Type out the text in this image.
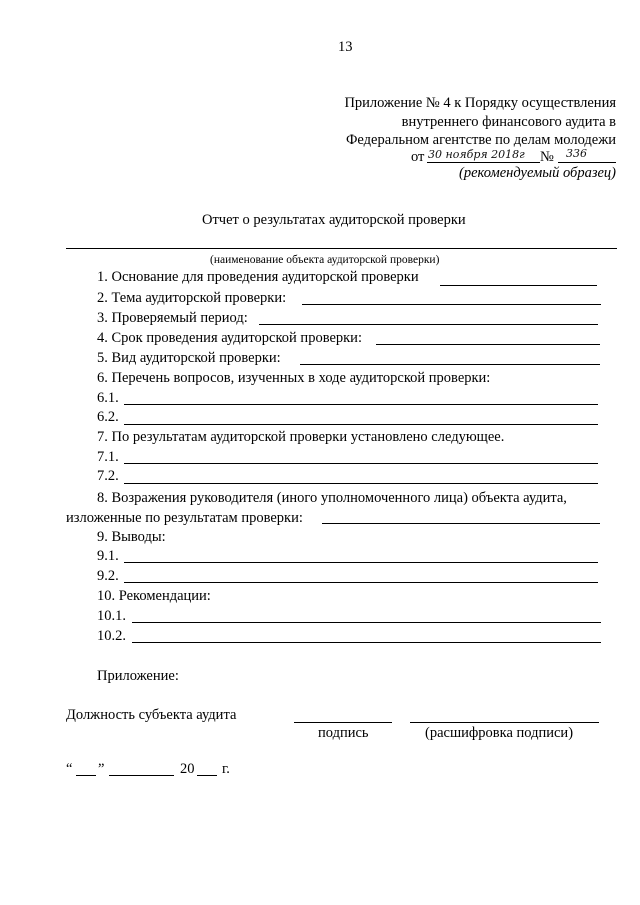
13
Приложение № 4 к Порядку осуществления
внутреннего финансового аудита в
Федеральном агентстве по делам молодежи
от 30 ноября 2018г № 336
(рекомендуемый образец)
Отчет о результатах аудиторской проверки
(наименование объекта аудиторской проверки)
1. Основание для проведения аудиторской проверки
2. Тема аудиторской проверки:
3. Проверяемый период:
4. Срок проведения аудиторской проверки:
5. Вид аудиторской проверки:
6. Перечень вопросов, изученных в ходе аудиторской проверки:
6.1.
6.2.
7. По результатам аудиторской проверки установлено следующее.
7.1.
7.2.
8. Возражения руководителя (иного уполномоченного лица) объекта аудита,
изложенные по результатам проверки:
9. Выводы:
9.1.
9.2.
10. Рекомендации:
10.1.
10.2.
Приложение:
Должность субъекта аудита
подпись	(расшифровка подписи)
“ ”	20 г.
